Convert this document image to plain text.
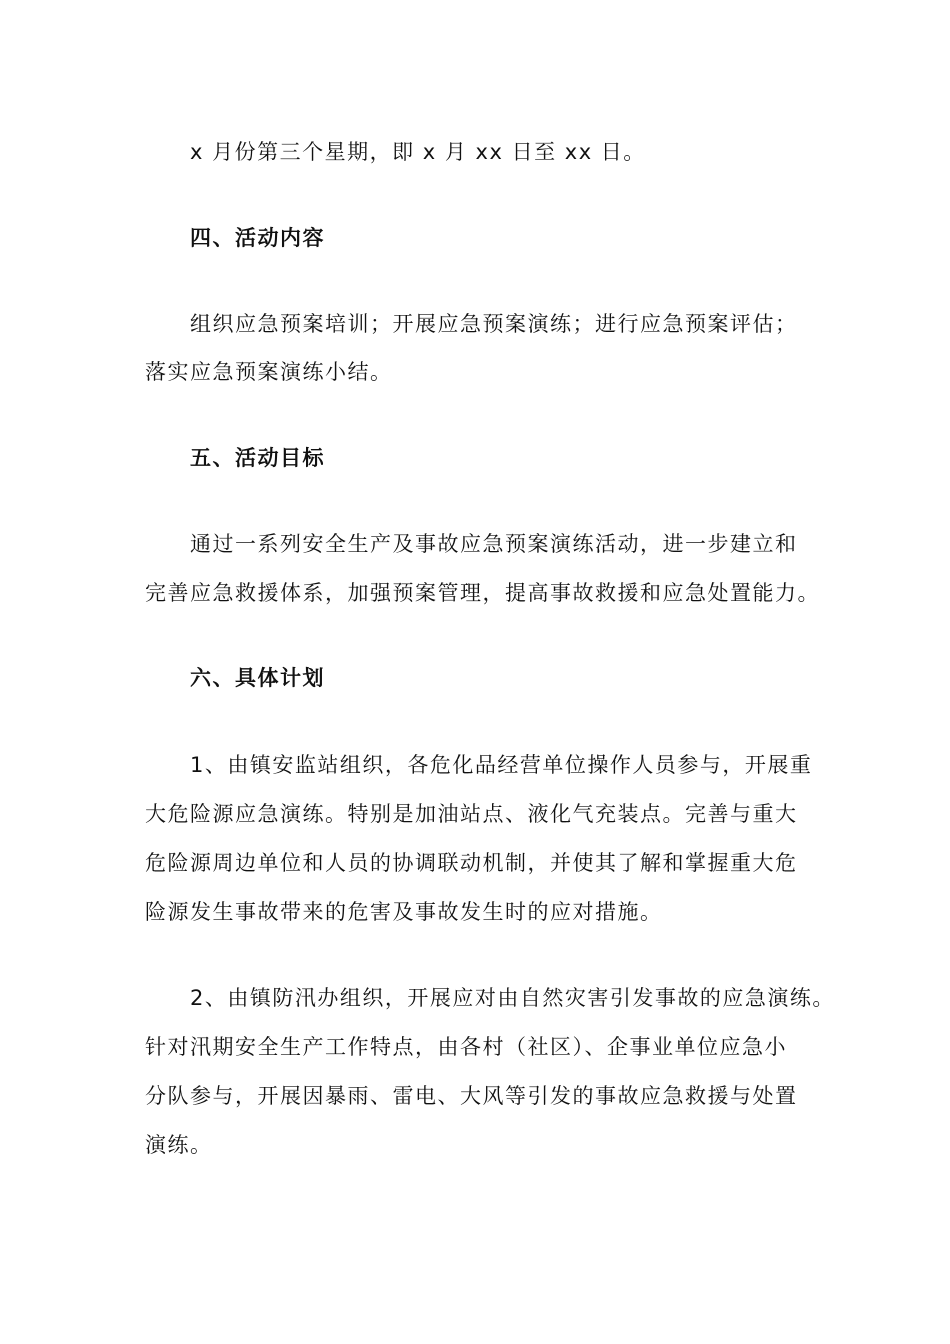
x 月份第三个星期，即 x 月 xx 日至 xx 日。
四、活动内容
组织应急预案培训；开展应急预案演练；进行应急预案评估；
落实应急预案演练小结。
五、活动目标
通过一系列安全生产及事故应急预案演练活动，进一步建立和
完善应急救援体系，加强预案管理，提高事故救援和应急处置能力。
六、具体计划
1、由镇安监站组织，各危化品经营单位操作人员参与，开展重
大危险源应急演练。特别是加油站点、液化气充装点。完善与重大
危险源周边单位和人员的协调联动机制，并使其了解和掌握重大危
险源发生事故带来的危害及事故发生时的应对措施。
2、由镇防汛办组织，开展应对由自然灾害引发事故的应急演练。
针对汛期安全生产工作特点，由各村（社区）、企事业单位应急小
分队参与，开展因暴雨、雷电、大风等引发的事故应急救援与处置
演练。
